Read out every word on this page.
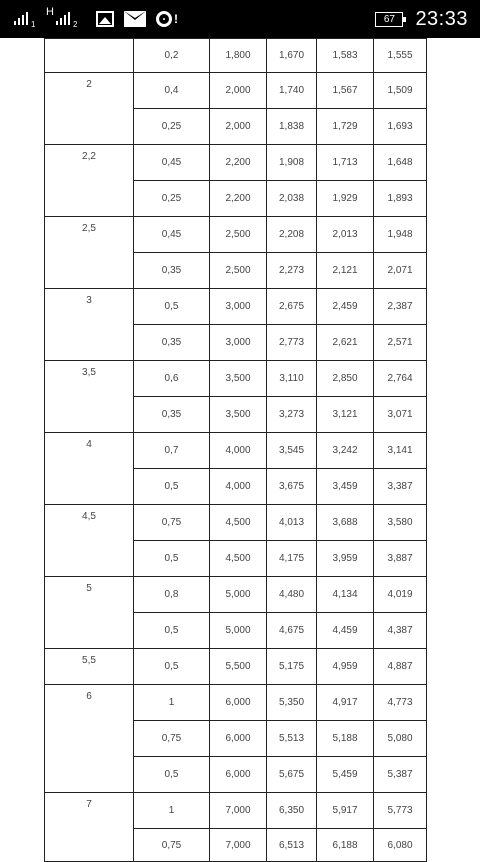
1
H
2	!	67	23:33
	0,2	1,800	1,670	1,583	1,555
2	0,4	2,000	1,740	1,567	1,509
	0,25	2,000	1,838	1,729	1,693
2,2	0,45	2,200	1,908	1,713	1,648
	0,25	2,200	2,038	1,929	1,893
2,5	0,45	2,500	2,208	2,013	1,948
	0,35	2,500	2,273	2,121	2,071
3	0,5	3,000	2,675	2,459	2,387
	0,35	3,000	2,773	2,621	2,571
3,5	0,6	3,500	3,110	2,850	2,764
	0,35	3,500	3,273	3,121	3,071
4	0,7	4,000	3,545	3,242	3,141
	0,5	4,000	3,675	3,459	3,387
4,5	0,75	4,500	4,013	3,688	3,580
	0,5	4,500	4,175	3,959	3,887
5	0,8	5,000	4,480	4,134	4,019
	0,5	5,000	4,675	4,459	4,387
5,5	0,5	5,500	5,175	4,959	4,887
6	1	6,000	5,350	4,917	4,773
	0,75	6,000	5,513	5,188	5,080
	0,5	6,000	5,675	5,459	5,387
7	1	7,000	6,350	5,917	5,773
	0,75	7,000	6,513	6,188	6,080
